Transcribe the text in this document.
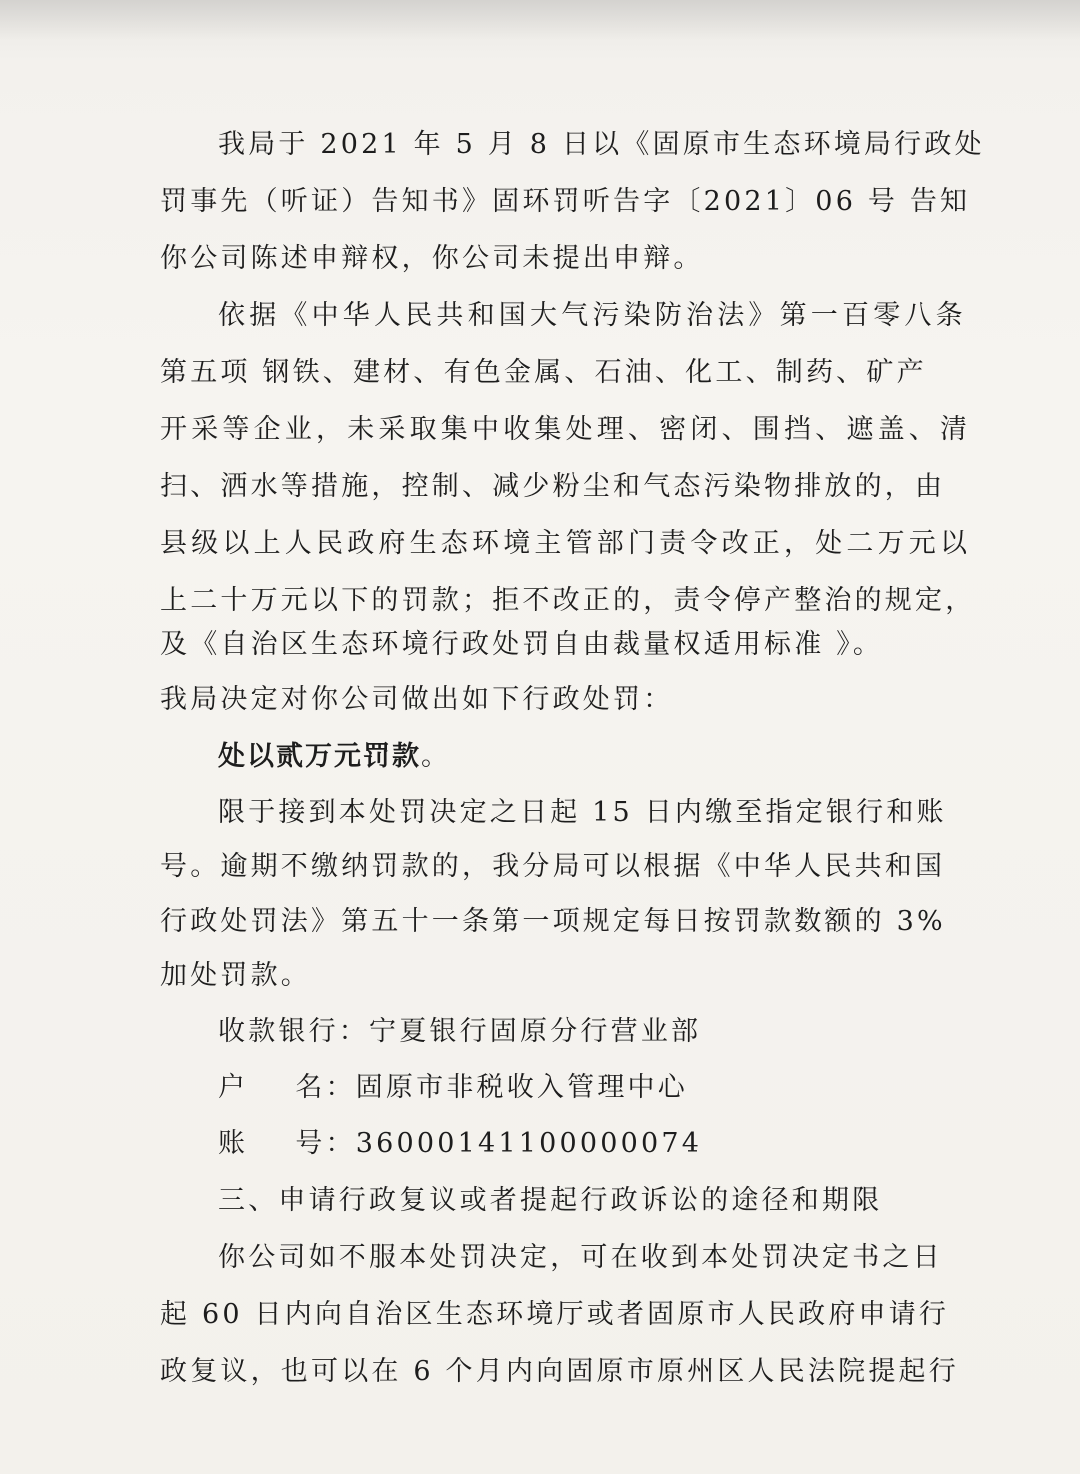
我局于 2021 年 5 月 8 日以《固原市生态环境局行政处
罚事先（听证）告知书》固环罚听告字〔2021〕06 号 告知
你公司陈述申辩权，你公司未提出申辩。
依据《中华人民共和国大气污染防治法》第一百零八条
第五项 钢铁、建材、有色金属、石油、化工、制药、矿产
开采等企业，未采取集中收集处理、密闭、围挡、遮盖、清
扫、洒水等措施，控制、减少粉尘和气态污染物排放的，由
县级以上人民政府生态环境主管部门责令改正，处二万元以
上二十万元以下的罚款；拒不改正的，责令停产整治的规定，
及《自治区生态环境行政处罚自由裁量权适用标准 》。
我局决定对你公司做出如下行政处罚：
处以贰万元罚款。
限于接到本处罚决定之日起 15 日内缴至指定银行和账
号。逾期不缴纳罚款的，我分局可以根据《中华人民共和国
行政处罚法》第五十一条第一项规定每日按罚款数额的 3%
加处罚款。
收款银行：宁夏银行固原分行营业部
户    名：固原市非税收入管理中心
账    号：36000141100000074
三、申请行政复议或者提起行政诉讼的途径和期限
你公司如不服本处罚决定，可在收到本处罚决定书之日
起 60 日内向自治区生态环境厅或者固原市人民政府申请行
政复议，也可以在 6 个月内向固原市原州区人民法院提起行
